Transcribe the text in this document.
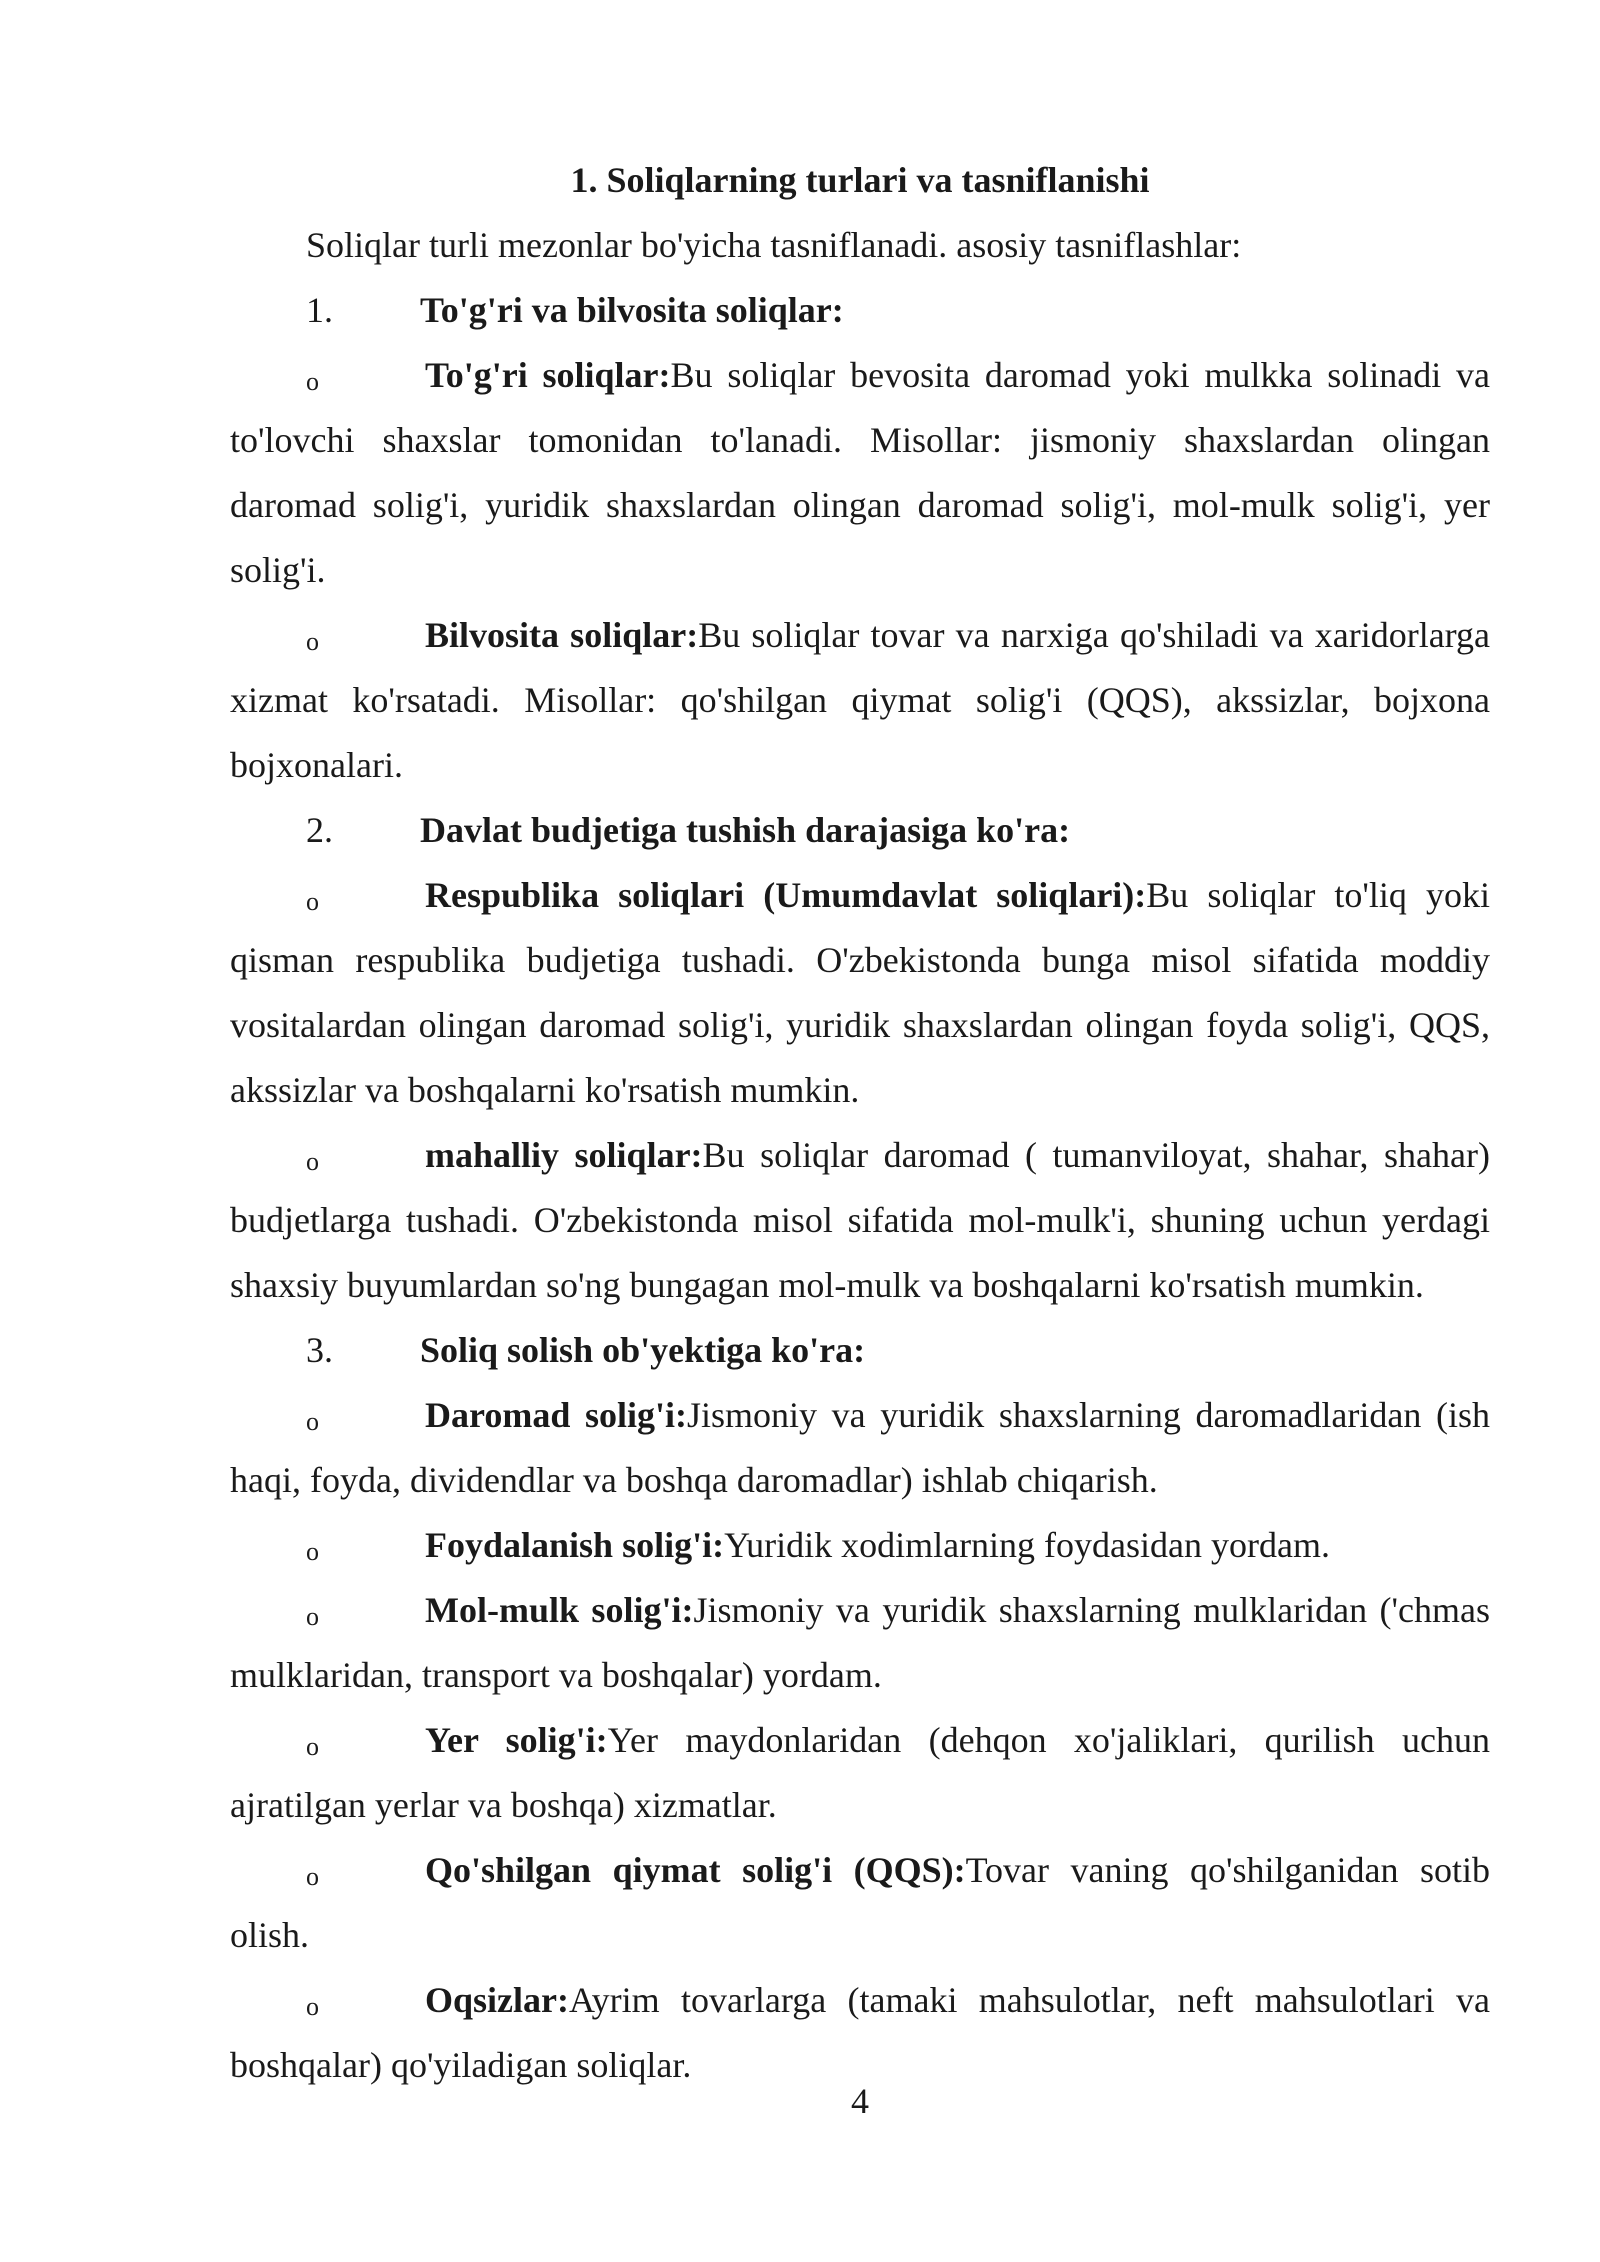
1. Soliqlarning turlari va tasniflanishi

Soliqlar turli mezonlar bo'yicha tasniflanadi. asosiy tasniflashlar:

1. To'g'ri va bilvosita soliqlar:

o	To'g'ri soliqlar:Bu soliqlar bevosita daromad yoki mulkka solinadi va to'lovchi shaxslar tomonidan to'lanadi. Misollar: jismoniy shaxslardan olingan daromad solig'i, yuridik shaxslardan olingan daromad solig'i, mol-mulk solig'i, yer solig'i.

o	Bilvosita soliqlar:Bu soliqlar tovar va narxiga qo'shiladi va xaridorlarga xizmat ko'rsatadi. Misollar: qo'shilgan qiymat solig'i (QQS), akssizlar, bojxona bojxonalari.

2. Davlat budjetiga tushish darajasiga ko'ra:

o	Respublika soliqlari (Umumdavlat soliqlari):Bu soliqlar to'liq yoki qisman respublika budjetiga tushadi. O'zbekistonda bunga misol sifatida moddiy vositalardan olingan daromad solig'i, yuridik shaxslardan olingan foyda solig'i, QQS, akssizlar va boshqalarni ko'rsatish mumkin.

o	mahalliy soliqlar:Bu soliqlar daromad ( tumanviloyat, shahar, shahar) budjetlarga tushadi. O'zbekistonda misol sifatida mol-mulk'i, shuning uchun yerdagi shaxsiy buyumlardan so'ng bungagan mol-mulk va boshqalarni ko'rsatish mumkin.

3. Soliq solish ob'yektiga ko'ra:

o	Daromad solig'i:Jismoniy va yuridik shaxslarning daromadlaridan (ish haqi, foyda, dividendlar va boshqa daromadlar) ishlab chiqarish.

o	Foydalanish solig'i:Yuridik xodimlarning foydasidan yordam.

o	Mol-mulk solig'i:Jismoniy va yuridik shaxslarning mulklaridan ('chmas mulklaridan, transport va boshqalar) yordam.

o	Yer solig'i:Yer maydonlaridan (dehqon xo'jaliklari, qurilish uchun ajratilgan yerlar va boshqa) xizmatlar.

o	Qo'shilgan qiymat solig'i (QQS):Tovar vaning qo'shilganidan sotib olish.

o	Oqsizlar:Ayrim tovarlarga (tamaki mahsulotlar, neft mahsulotlari va boshqalar) qo'yiladigan soliqlar.

4
